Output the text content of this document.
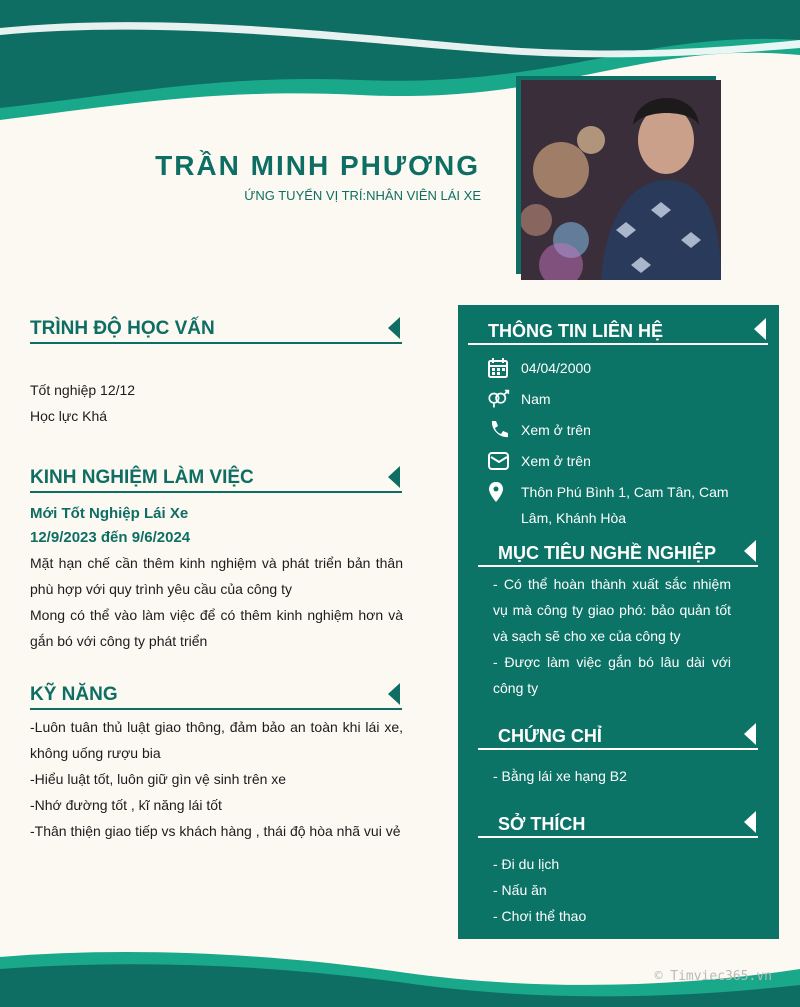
TRẦN MINH PHƯƠNG
ỨNG TUYỂN VỊ TRÍ:NHÂN VIÊN LÁI XE
TRÌNH ĐỘ HỌC VẤN

Tốt nghiệp 12/12

Học lực Khá

KINH NGHIỆM LÀM VIỆC
Mới Tốt Nghiệp Lái Xe
12/9/2023 đến 9/6/2024

Mặt hạn chế cần thêm kinh nghiệm và phát triển bản thân phù hợp với quy trình yêu cầu của công ty

Mong có thể vào làm việc để có thêm kinh nghiệm hơn và gắn bó với công ty phát triển

KỸ NĂNG

-Luôn tuân thủ luật giao thông, đảm bảo an toàn khi lái xe, không uống rượu bia

-Hiểu luật tốt, luôn giữ gìn vệ sinh trên xe

-Nhớ đường tốt , kĩ năng lái tốt

-Thân thiện giao tiếp vs khách hàng , thái độ hòa nhã vui vẻ

THÔNG TIN LIÊN HỆ
04/04/2000
Nam
Xem ở trên
Xem ở trên
Thôn Phú Bình 1, Cam Tân, Cam Lâm, Khánh Hòa
MỤC TIÊU NGHỀ NGHIỆP

- Có thể hoàn thành xuất sắc nhiệm vụ mà công ty giao phó: bảo quản tốt và sạch sẽ cho xe của công ty

- Được làm việc gắn bó lâu dài với công ty

CHỨNG CHỈ

- Bằng lái xe hạng B2

SỞ THÍCH

- Đi du lịch

- Nấu ăn

- Chơi thể thao

© Timviec365.vn
